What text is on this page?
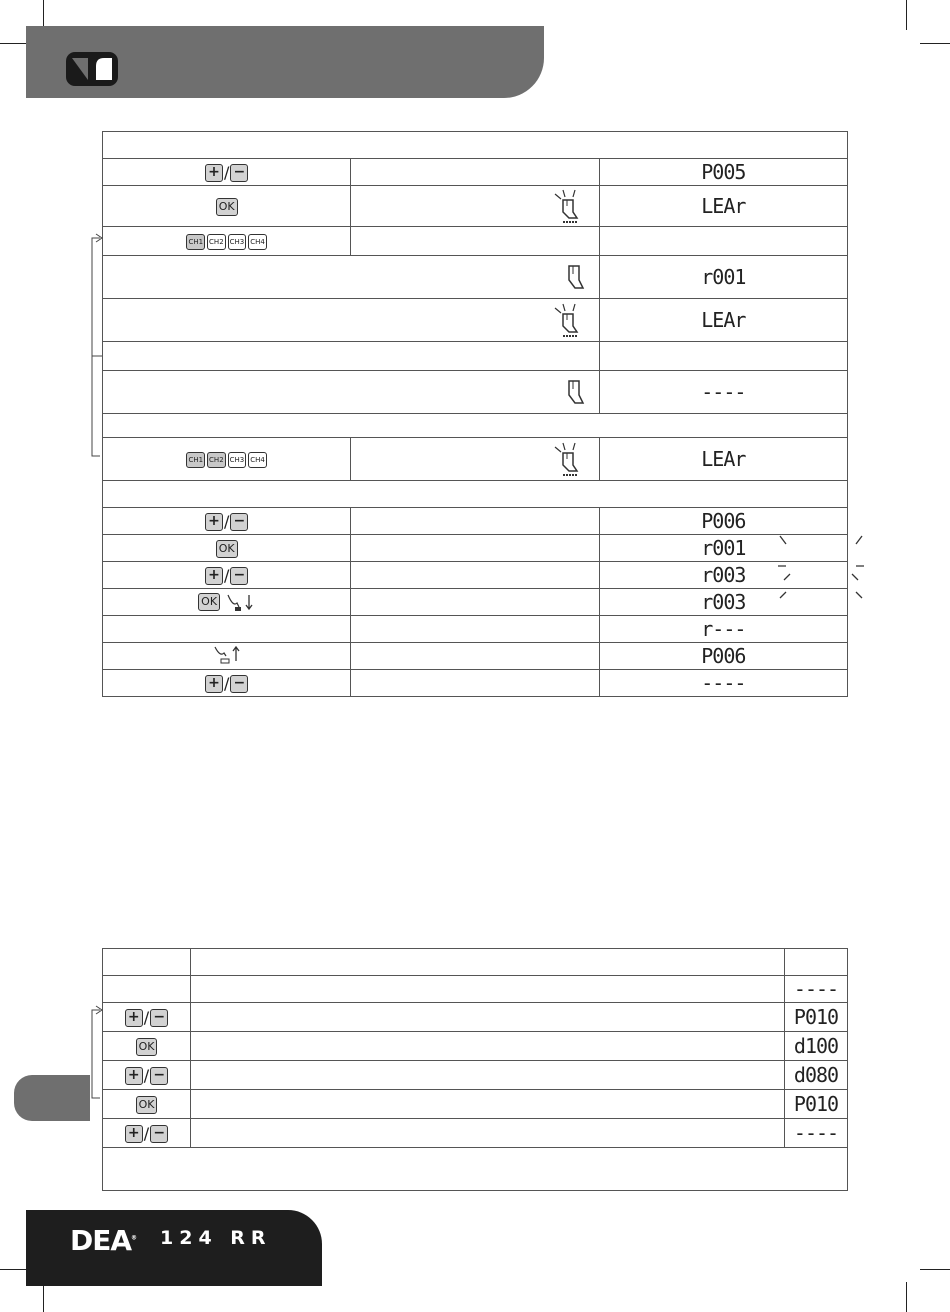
+ / −		P005
OK		LEAr
CH1 CH2 CH3 CH4		

	r001

	LEAr

	----

CH1 CH2 CH3 CH4		LEAr

+ / −		P006
OK		r001
+ / −		r003
OK		r003
		r---
		P006
+ / −		----

		----
+ / −		P010
OK		d100
+ / −		d080
OK		P010
+ / −		----

DEA® 124 RR
